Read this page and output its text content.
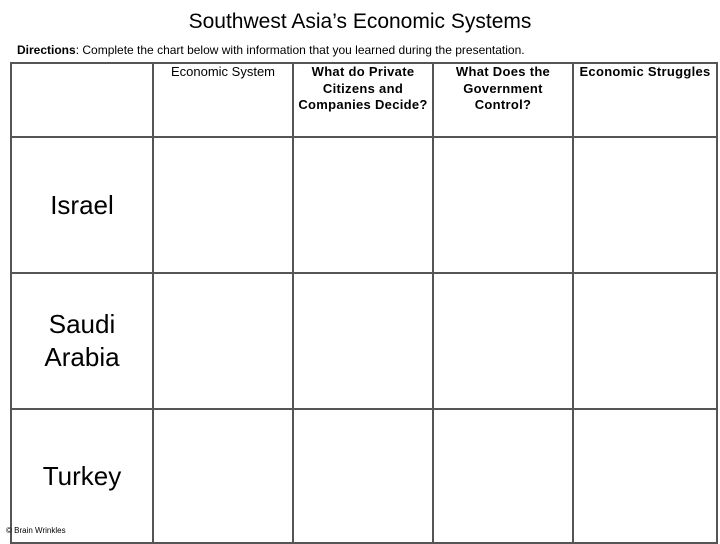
Southwest Asia’s Economic Systems
Directions: Complete the chart below with information that you learned during the presentation.
	Economic System	What do Private Citizens and Companies Decide?	What Does the Government Control?	Economic Struggles
Israel				
Saudi Arabia				
Turkey				
© Brain Wrinkles
